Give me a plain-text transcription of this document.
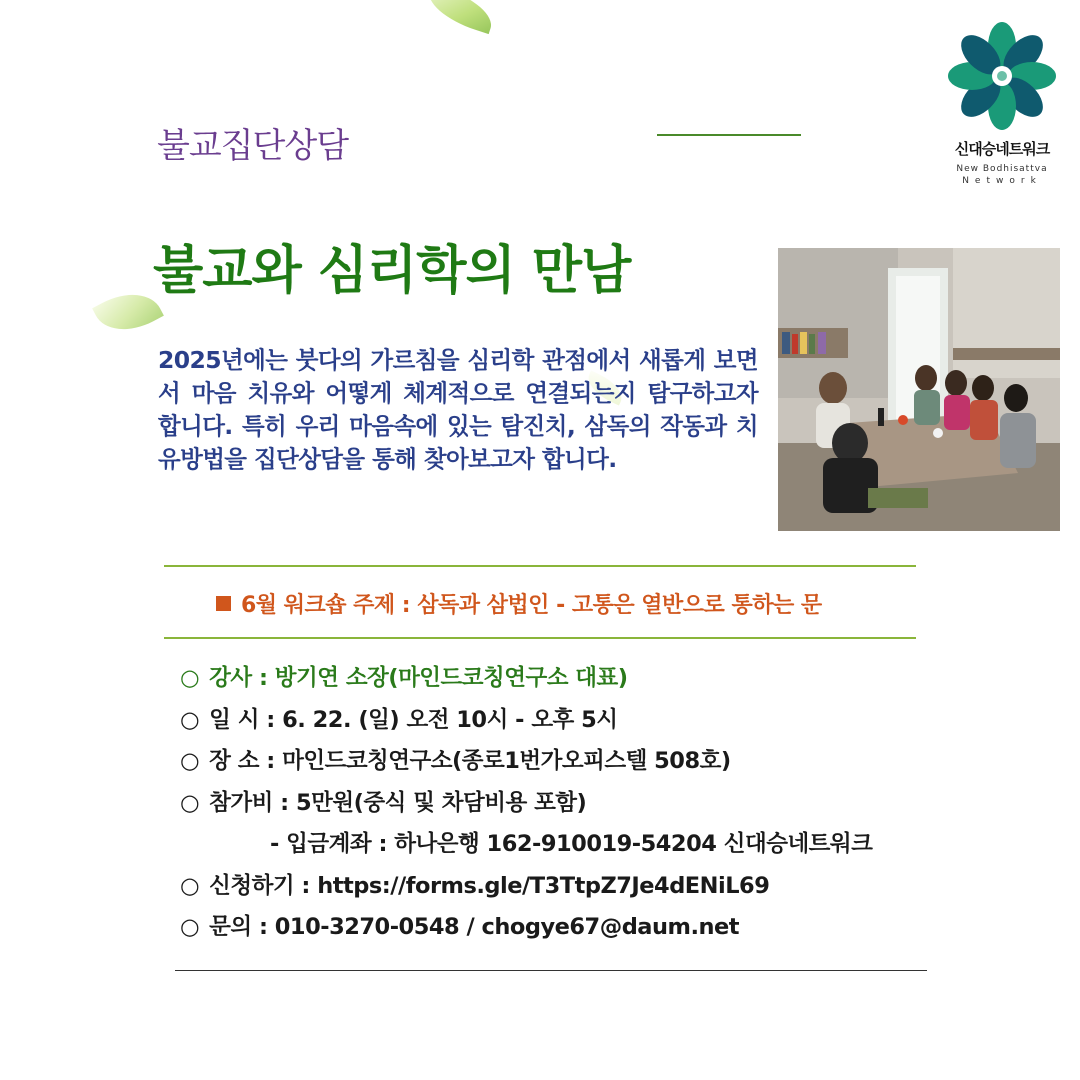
불교집단상담	신대승네트워크
New Bodhisattva
Network
불교와 심리학의 만남
2025년에는 붓다의 가르침을 심리학 관점에서 새롭게 보면서 마음 치유와 어떻게 체계적으로 연결되는지 탐구하고자 합니다. 특히 우리 마음속에 있는 탐진치, 삼독의 작동과 치유방법을 집단상담을 통해 찾아보고자 합니다.
6월 워크숍 주제 : 삼독과 삼법인 - 고통은 열반으로 통하는 문
○ 강사 : 방기연 소장(마인드코칭연구소 대표)
○ 일 시 : 6. 22. (일) 오전 10시 - 오후 5시
○ 장 소 : 마인드코칭연구소(종로1번가오피스텔 508호)
○ 참가비 : 5만원(중식 및 차담비용 포함)
- 입금계좌 : 하나은행 162-910019-54204 신대승네트워크
○ 신청하기 : https://forms.gle/T3TtpZ7Je4dENiL69
○ 문의 : 010-3270-0548 / chogye67@daum.net
